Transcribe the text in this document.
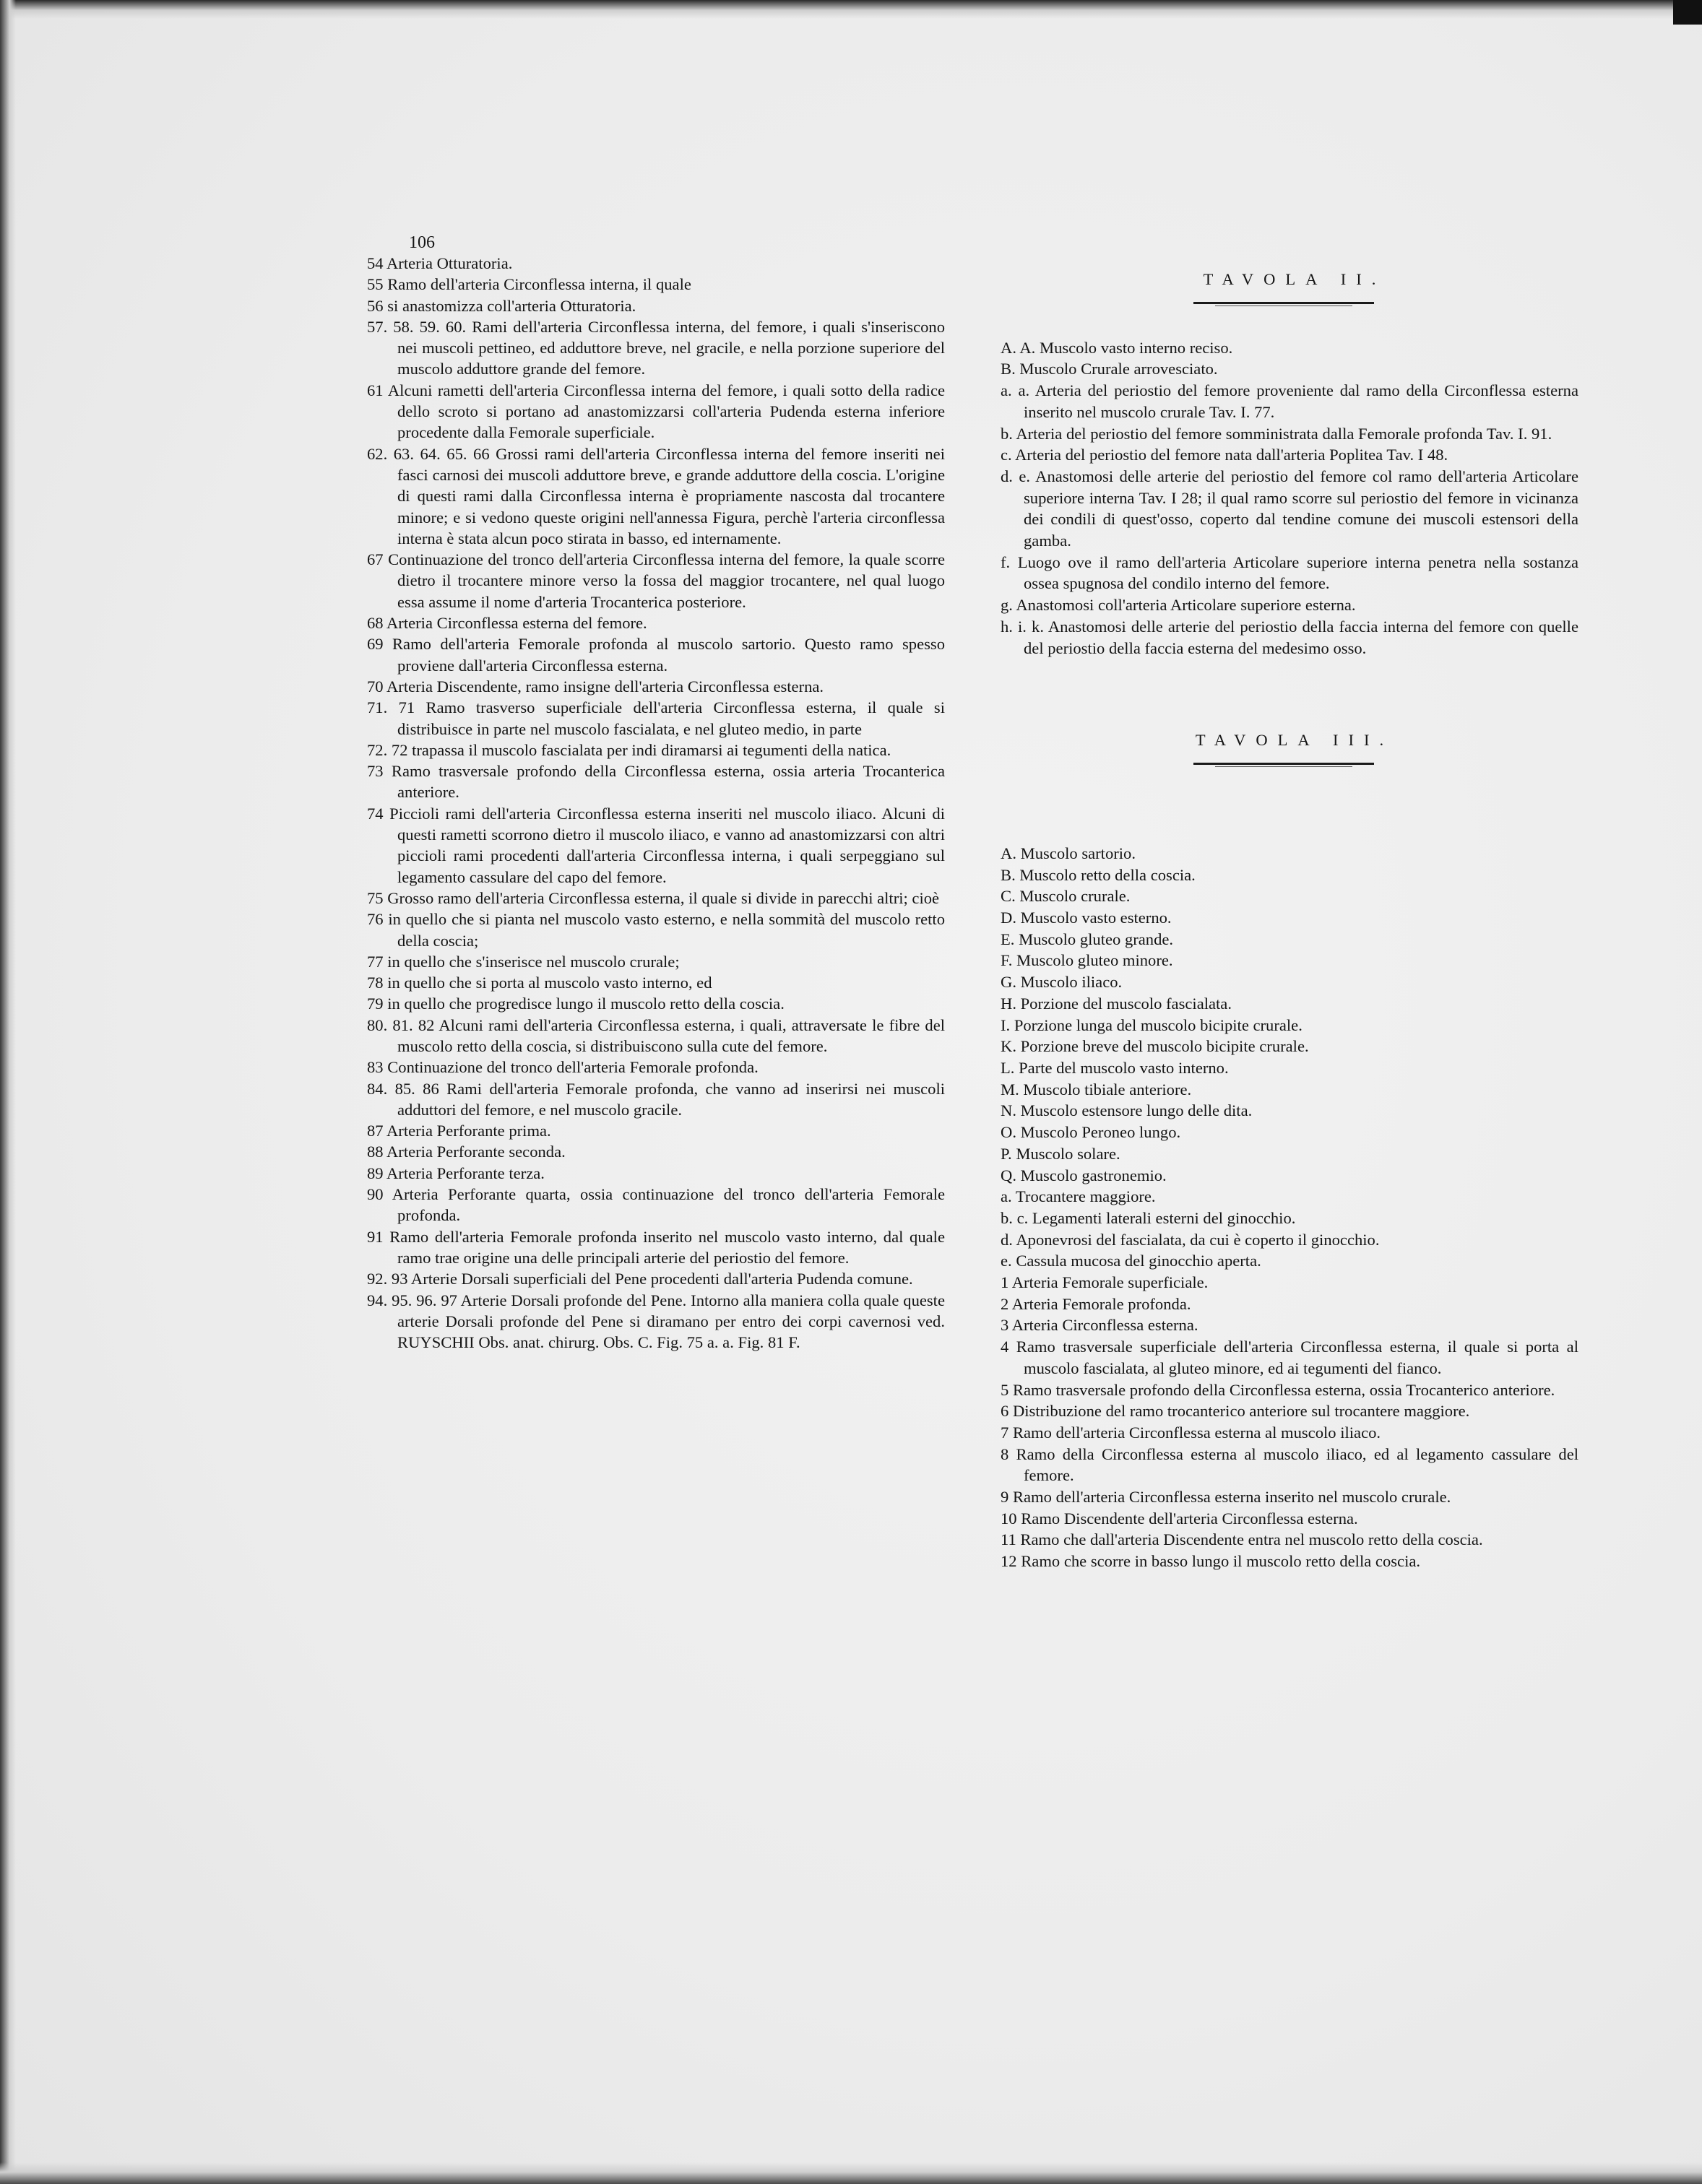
106
54 Arteria Otturatoria.
55 Ramo dell'arteria Circonflessa interna, il quale
56 si anastomizza coll'arteria Otturatoria.
57. 58. 59. 60. Rami dell'arteria Circonflessa interna, del femore, i quali s'inseriscono nei muscoli pettineo, ed adduttore breve, nel gracile, e nella porzione superiore del muscolo adduttore grande del femore.
61 Alcuni rametti dell'arteria Circonflessa interna del femore, i quali sotto della radice dello scroto si portano ad anastomizzarsi coll'arteria Pudenda esterna inferiore procedente dalla Femorale superficiale.
62. 63. 64. 65. 66 Grossi rami dell'arteria Circonflessa interna del femore inseriti nei fasci carnosi dei muscoli adduttore breve, e grande adduttore della coscia. L'origine di questi rami dalla Circonflessa interna è propriamente nascosta dal trocantere minore; e si vedono queste origini nell'annessa Figura, perchè l'arteria circonflessa interna è stata alcun poco stirata in basso, ed internamente.
67 Continuazione del tronco dell'arteria Circonflessa interna del femore, la quale scorre dietro il trocantere minore verso la fossa del maggior trocantere, nel qual luogo essa assume il nome d'arteria Trocanterica posteriore.
68 Arteria Circonflessa esterna del femore.
69 Ramo dell'arteria Femorale profonda al muscolo sartorio. Questo ramo spesso proviene dall'arteria Circonflessa esterna.
70 Arteria Discendente, ramo insigne dell'arteria Circonflessa esterna.
71. 71 Ramo trasverso superficiale dell'arteria Circonflessa esterna, il quale si distribuisce in parte nel muscolo fascialata, e nel gluteo medio, in parte
72. 72 trapassa il muscolo fascialata per indi diramarsi ai tegumenti della natica.
73 Ramo trasversale profondo della Circonflessa esterna, ossia arteria Trocanterica anteriore.
74 Piccioli rami dell'arteria Circonflessa esterna inseriti nel muscolo iliaco. Alcuni di questi rametti scorrono dietro il muscolo iliaco, e vanno ad anastomizzarsi con altri piccioli rami procedenti dall'arteria Circonflessa interna, i quali serpeggiano sul legamento cassulare del capo del femore.
75 Grosso ramo dell'arteria Circonflessa esterna, il quale si divide in parecchi altri; cioè
76 in quello che si pianta nel muscolo vasto esterno, e nella sommità del muscolo retto della coscia;
77 in quello che s'inserisce nel muscolo crurale;
78 in quello che si porta al muscolo vasto interno, ed
79 in quello che progredisce lungo il muscolo retto della coscia.
80. 81. 82 Alcuni rami dell'arteria Circonflessa esterna, i quali, attraversate le fibre del muscolo retto della coscia, si distribuiscono sulla cute del femore.
83 Continuazione del tronco dell'arteria Femorale profonda.
84. 85. 86 Rami dell'arteria Femorale profonda, che vanno ad inserirsi nei muscoli adduttori del femore, e nel muscolo gracile.
87 Arteria Perforante prima.
88 Arteria Perforante seconda.
89 Arteria Perforante terza.
90 Arteria Perforante quarta, ossia continuazione del tronco dell'arteria Femorale profonda.
91 Ramo dell'arteria Femorale profonda inserito nel muscolo vasto interno, dal quale ramo trae origine una delle principali arterie del periostio del femore.
92. 93 Arterie Dorsali superficiali del Pene procedenti dall'arteria Pudenda comune.
94. 95. 96. 97 Arterie Dorsali profonde del Pene. Intorno alla maniera colla quale queste arterie Dorsali profonde del Pene si diramano per entro dei corpi cavernosi ved. RUYSCHII Obs. anat. chirurg. Obs. C. Fig. 75 a. a. Fig. 81 F.
TAVOLA II.
A. A. Muscolo vasto interno reciso.
B. Muscolo Crurale arrovesciato.
a. a. Arteria del periostio del femore proveniente dal ramo della Circonflessa esterna inserito nel muscolo crurale Tav. I. 77.
b. Arteria del periostio del femore somministrata dalla Femorale profonda Tav. I. 91.
c. Arteria del periostio del femore nata dall'arteria Poplitea Tav. I 48.
d. e. Anastomosi delle arterie del periostio del femore col ramo dell'arteria Articolare superiore interna Tav. I 28; il qual ramo scorre sul periostio del femore in vicinanza dei condili di quest'osso, coperto dal tendine comune dei muscoli estensori della gamba.
f. Luogo ove il ramo dell'arteria Articolare superiore interna penetra nella sostanza ossea spugnosa del condilo interno del femore.
g. Anastomosi coll'arteria Articolare superiore esterna.
h. i. k. Anastomosi delle arterie del periostio della faccia interna del femore con quelle del periostio della faccia esterna del medesimo osso.
TAVOLA III.
A. Muscolo sartorio.
B. Muscolo retto della coscia.
C. Muscolo crurale.
D. Muscolo vasto esterno.
E. Muscolo gluteo grande.
F. Muscolo gluteo minore.
G. Muscolo iliaco.
H. Porzione del muscolo fascialata.
I. Porzione lunga del muscolo bicipite crurale.
K. Porzione breve del muscolo bicipite crurale.
L. Parte del muscolo vasto interno.
M. Muscolo tibiale anteriore.
N. Muscolo estensore lungo delle dita.
O. Muscolo Peroneo lungo.
P. Muscolo solare.
Q. Muscolo gastronemio.
a. Trocantere maggiore.
b. c. Legamenti laterali esterni del ginocchio.
d. Aponevrosi del fascialata, da cui è coperto il ginocchio.
e. Cassula mucosa del ginocchio aperta.
1 Arteria Femorale superficiale.
2 Arteria Femorale profonda.
3 Arteria Circonflessa esterna.
4 Ramo trasversale superficiale dell'arteria Circonflessa esterna, il quale si porta al muscolo fascialata, al gluteo minore, ed ai tegumenti del fianco.
5 Ramo trasversale profondo della Circonflessa esterna, ossia Trocanterico anteriore.
6 Distribuzione del ramo trocanterico anteriore sul trocantere maggiore.
7 Ramo dell'arteria Circonflessa esterna al muscolo iliaco.
8 Ramo della Circonflessa esterna al muscolo iliaco, ed al legamento cassulare del femore.
9 Ramo dell'arteria Circonflessa esterna inserito nel muscolo crurale.
10 Ramo Discendente dell'arteria Circonflessa esterna.
11 Ramo che dall'arteria Discendente entra nel muscolo retto della coscia.
12 Ramo che scorre in basso lungo il muscolo retto della coscia.
